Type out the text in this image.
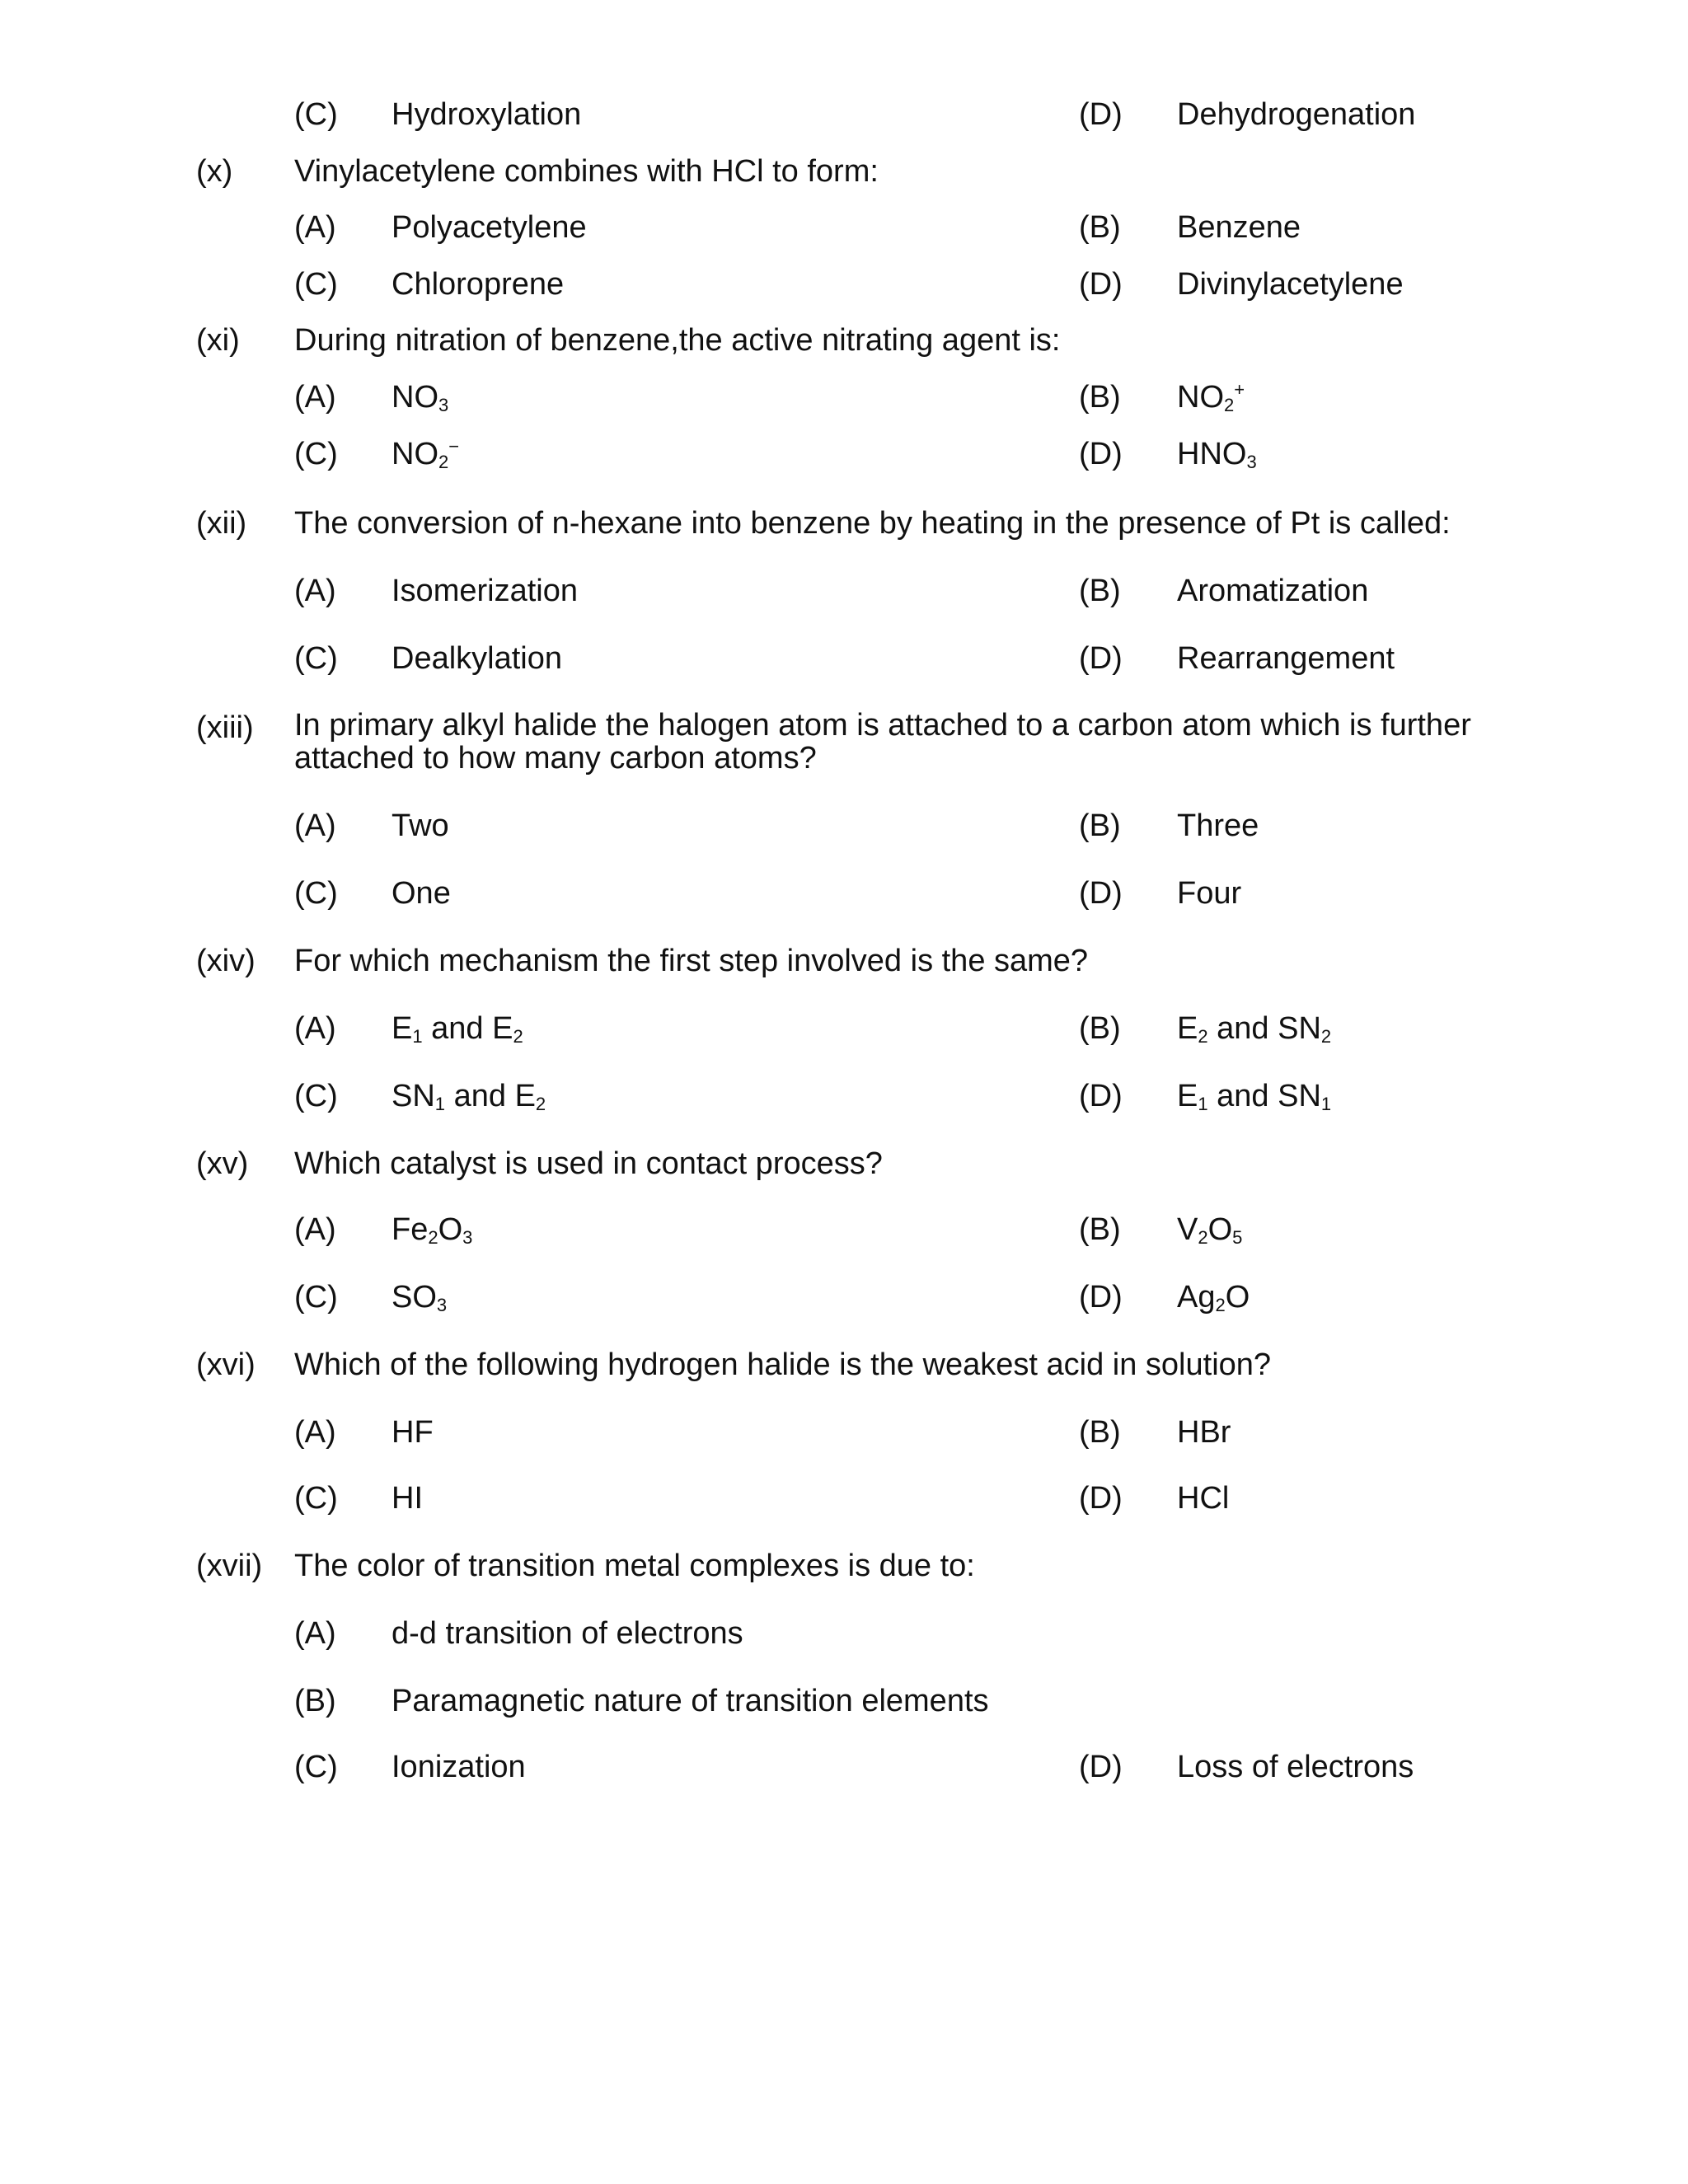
(C) Hydroxylation	(D) Dehydrogenation
(x) Vinylacetylene combines with HCl to form:
(A) Polyacetylene	(B) Benzene
(C) Chloroprene	(D) Divinylacetylene
(xi) During nitration of benzene,the active nitrating agent is:
(A) $NO_3$	(B) $NO_2^+$
(C) $NO_2^-$	(D) $HNO_3$
(xii) The conversion of n-hexane into benzene by heating in the presence of Pt is called:
(A) Isomerization	(B) Aromatization
(C) Dealkylation	(D) Rearrangement
(xiii) In primary alkyl halide the halogen atom is attached to a carbon atom which is further attached to how many carbon atoms?
(A) Two	(B) Three
(C) One	(D) Four
(xiv) For which mechanism the first step involved is the same?
(A) $E_1$ and $E_2$	(B) $E_2$ and $SN_2$
(C) $SN_1$ and $E_2$	(D) $E_1$ and $SN_1$
(xv) Which catalyst is used in contact process?
(A) $Fe_2O_3$	(B) $V_2O_5$
(C) $SO_3$	(D) $Ag_2O$
(xvi) Which of the following hydrogen halide is the weakest acid in solution?
(A) HF	(B) HBr
(C) HI	(D) HCl
(xvii) The color of transition metal complexes is due to:
(A) d-d transition of electrons
(B) Paramagnetic nature of transition elements
(C) Ionization	(D) Loss of electrons
